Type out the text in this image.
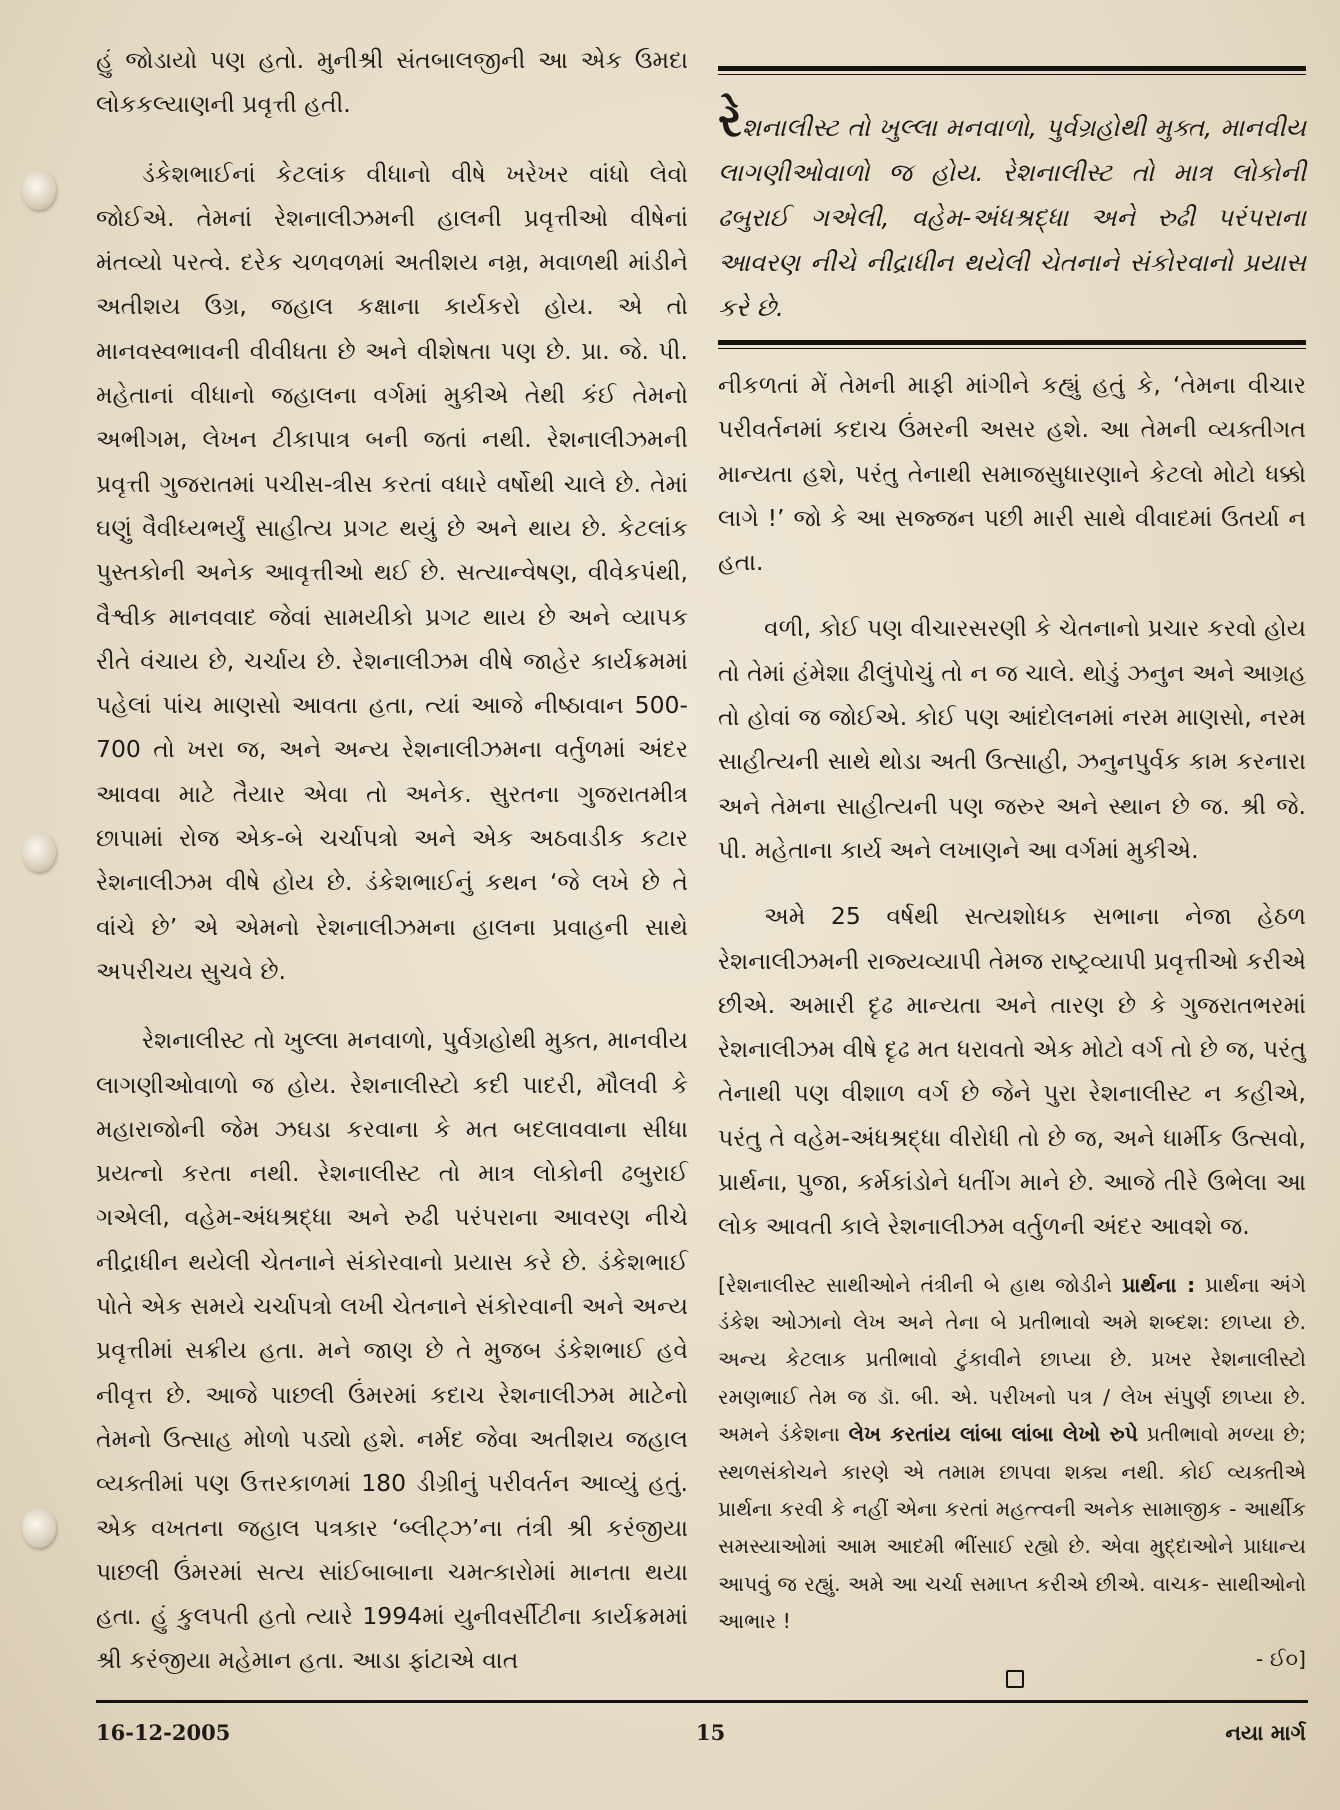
હું જોડાયો પણ હતો. મુનીશ્રી સંતબાલજીની આ એક ઉમદા લોકકલ્યાણની પ્રવૃત્તી હતી.

ડંકેશભાઈનાં કેટલાંક વીધાનો વીષે ખરેખર વાંધો લેવો જોઈએ. તેમનાં રેશનાલીઝમની હાલની પ્રવૃત્તીઓ વીષેનાં મંતવ્યો પરત્વે. દરેક ચળવળમાં અતીશય નમ્ર, મવાળથી માંડીને અતીશય ઉગ્ર, જહાલ કક્ષાના કાર્યકરો હોય. એ તો માનવસ્વભાવની વીવીધતા છે અને વીશેષતા પણ છે. પ્રા. જે. પી. મહેતાનાં વીધાનો જહાલના વર્ગમાં મુકીએ તેથી કંઈ તેમનો અભીગમ, લેખન ટીકાપાત્ર બની જતાં નથી. રેશનાલીઝમની પ્રવૃત્તી ગુજરાતમાં પચીસ-ત્રીસ કરતાં વધારે વર્ષોથી ચાલે છે. તેમાં ઘણું વૈવીધ્યભર્યું સાહીત્ય પ્રગટ થયું છે અને થાય છે. કેટલાંક પુસ્તકોની અનેક આવૃત્તીઓ થઈ છે. સત્યાન્વેષણ, વીવેકપંથી, વૈશ્વીક માનવવાદ જેવાં સામયીકો પ્રગટ થાય છે અને વ્યાપક રીતે વંચાય છે, ચર્ચાય છે. રેશનાલીઝમ વીષે જાહેર કાર્યક્રમમાં પહેલાં પાંચ માણસો આવતા હતા, ત્યાં આજે નીષ્ઠાવાન 500-700 તો ખરા જ, અને અન્ય રેશનાલીઝમના વર્તુળમાં અંદર આવવા માટે તૈયાર એવા તો અનેક. સુરતના ગુજરાતમીત્ર છાપામાં રોજ એક-બે ચર્ચાપત્રો અને એક અઠવાડીક કટાર રેશનાલીઝમ વીષે હોય છે. ડંકેશભાઈનું કથન ‘જે લખે છે તે વાંચે છે’ એ એમનો રેશનાલીઝમના હાલના પ્રવાહની સાથે અપરીચય સુચવે છે.

રેશનાલીસ્ટ તો ખુલ્લા મનવાળો, પુર્વગ્રહોથી મુક્ત, માનવીય લાગણીઓવાળો જ હોય. રેશનાલીસ્ટો કદી પાદરી, મૌલવી કે મહારાજોની જેમ ઝઘડા કરવાના કે મત બદલાવવાના સીધા પ્રયત્નો કરતા નથી. રેશનાલીસ્ટ તો માત્ર લોકોની ઢબુરાઈ ગએલી, વહેમ-અંધશ્રદ્ધા અને રુઢી પરંપરાના આવરણ નીચે નીદ્રાધીન થયેલી ચેતનાને સંકોરવાનો પ્રયાસ કરે છે. ડંકેશભાઈ પોતે એક સમયે ચર્ચાપત્રો લખી ચેતનાને સંકોરવાની અને અન્ય પ્રવૃત્તીમાં સક્રીય હતા. મને જાણ છે તે મુજબ ડંકેશભાઈ હવે નીવૃત્ત છે. આજે પાછલી ઉંમરમાં કદાચ રેશનાલીઝમ માટેનો તેમનો ઉત્સાહ મોળો પડ્યો હશે. નર્મદ જેવા અતીશય જહાલ વ્યક્તીમાં પણ ઉત્તરકાળમાં 180 ડીગ્રીનું પરીવર્તન આવ્યું હતું. એક વખતના જહાલ પત્રકાર ‘બ્લીટ્ઝ’ના તંત્રી શ્રી કરંજીયા પાછલી ઉંમરમાં સત્ય સાંઈબાબાના ચમત્કારોમાં માનતા થયા હતા. હું કુલપતી હતો ત્યારે 1994માં યુનીવર્સીટીના કાર્યક્રમમાં શ્રી કરંજીયા મહેમાન હતા. આડા ફાંટાએ વાત

રેશનાલીસ્ટ તો ખુલ્લા મનવાળો, પુર્વગ્રહોથી મુક્ત, માનવીય લાગણીઓવાળો જ હોય. રેશનાલીસ્ટ તો માત્ર લોકોની ઢબુરાઈ ગએલી, વહેમ-અંધશ્રદ્ધા અને રુઢી પરંપરાના આવરણ નીચે નીદ્રાધીન થયેલી ચેતનાને સંકોરવાનો પ્રયાસ કરે છે.

નીકળતાં મેં તેમની માફી માંગીને કહ્યું હતું કે, ‘તેમના વીચાર પરીવર્તનમાં કદાચ ઉંમરની અસર હશે. આ તેમની વ્યક્તીગત માન્યતા હશે, પરંતુ તેનાથી સમાજસુધારણાને કેટલો મોટો ધક્કો લાગે !’ જો કે આ સજ્જન પછી મારી સાથે વીવાદમાં ઉતર્યા ન હતા.

વળી, કોઈ પણ વીચારસરણી કે ચેતનાનો પ્રચાર કરવો હોય તો તેમાં હંમેશા ઢીલુંપોચું તો ન જ ચાલે. થોડું ઝનુન અને આગ્રહ તો હોવાં જ જોઈએ. કોઈ પણ આંદોલનમાં નરમ માણસો, નરમ સાહીત્યની સાથે થોડા અતી ઉત્સાહી, ઝનુનપુર્વક કામ કરનારા અને તેમના સાહીત્યની પણ જરુર અને સ્થાન છે જ. શ્રી જે. પી. મહેતાના કાર્ય અને લખાણને આ વર્ગમાં મુકીએ.

અમે 25 વર્ષથી સત્યશોધક સભાના નેજા હેઠળ રેશનાલીઝમની રાજ્યવ્યાપી તેમજ રાષ્ટ્રવ્યાપી પ્રવૃત્તીઓ કરીએ છીએ. અમારી દૃઢ માન્યતા અને તારણ છે કે ગુજરાતભરમાં રેશનાલીઝમ વીષે દૃઢ મત ધરાવતો એક મોટો વર્ગ તો છે જ, પરંતુ તેનાથી પણ વીશાળ વર્ગ છે જેને પુરા રેશનાલીસ્ટ ન કહીએ, પરંતુ તે વહેમ-અંધશ્રદ્ધા વીરોધી તો છે જ, અને ધાર્મીક ઉત્સવો, પ્રાર્થના, પુજા, કર્મકાંડોને ધતીંગ માને છે. આજે તીરે ઉભેલા આ લોક આવતી કાલે રેશનાલીઝમ વર્તુળની અંદર આવશે જ.

[રેશનાલીસ્ટ સાથીઓને તંત્રીની બે હાથ જોડીને પ્રાર્થના : પ્રાર્થના અંગે ડંકેશ ઓઝાનો લેખ અને તેના બે પ્રતીભાવો અમે શબ્દશ: છાપ્યા છે. અન્ય કેટલાક પ્રતીભાવો ટુંકાવીને છાપ્યા છે. પ્રખર રેશનાલીસ્ટો રમણભાઈ તેમ જ ડૉ. બી. એ. પરીખનો પત્ર / લેખ સંપુર્ણ છાપ્યા છે. અમને ડંકેશના લેખ કરતાંય લાંબા લાંબા લેખો રુપે પ્રતીભાવો મળ્યા છે; સ્થળસંકોચને કારણે એ તમામ છાપવા શક્ય નથી. કોઈ વ્યક્તીએ પ્રાર્થના કરવી કે નહીં એના કરતાં મહત્ત્વની અનેક સામાજીક - આર્થીક સમસ્યાઓમાં આમ આદમી ભીંસાઈ રહ્યો છે. એવા મુદ્દાઓને પ્રાધાન્ય આપવું જ રહ્યું. અમે આ ચર્ચા સમાપ્ત કરીએ છીએ. વાચક- સાથીઓનો આભાર !
- ઈ૦]
16-12-2005	15	નયા માર્ગ
